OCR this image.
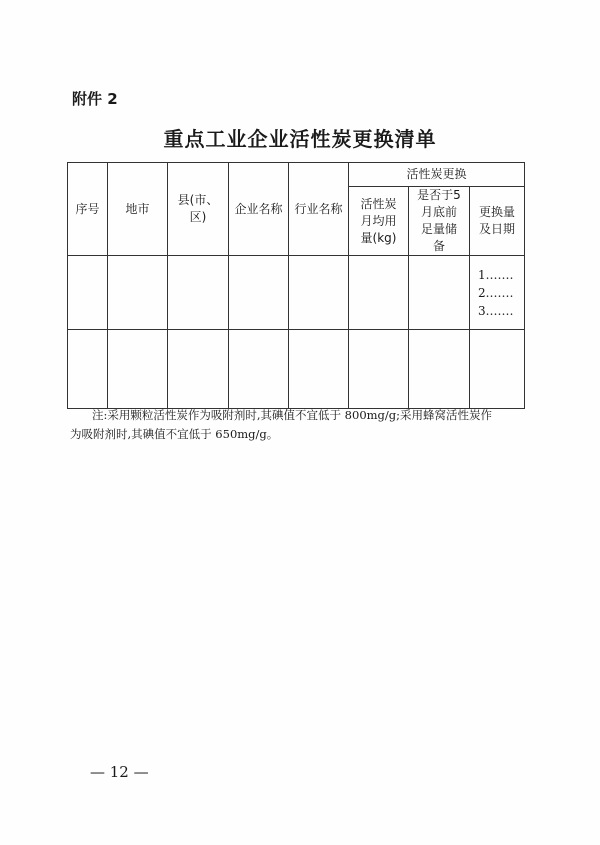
附件 2
重点工业企业活性炭更换清单
序号	地市	县(市、区)	企业名称	行业名称	活性炭更换		
					活性炭月均用量(kg)	是否于5月底前足量储备	更换量及日期

							1.……
2.……
3.……

注:采用颗粒活性炭作为吸附剂时,其碘值不宜低于 800mg/g;采用蜂窝活性炭作
为吸附剂时,其碘值不宜低于 650mg/g。
— 12 —
